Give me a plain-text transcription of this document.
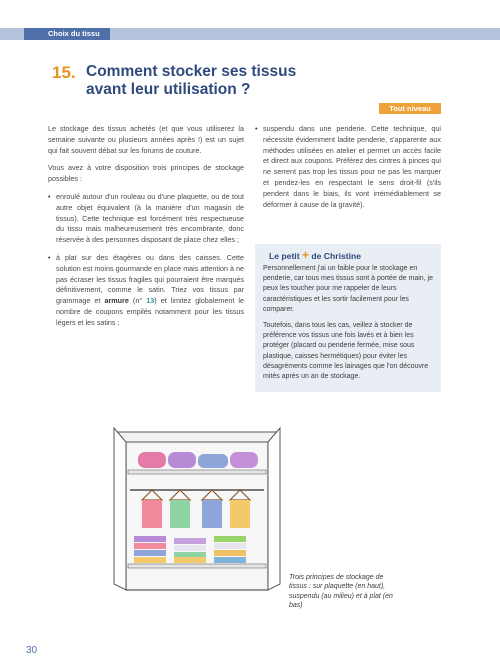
Choix du tissu
15. Comment stocker ses tissus
avant leur utilisation ?
Tout niveau

Le stockage des tissus achetés (et que vous utiliserez la semaine suivante ou plusieurs années après !) est un sujet qui fait souvent débat sur les forums de couture.

Vous avez à votre disposition trois principes de stockage possibles :

• enroulé autour d'un rouleau ou d'une plaquette, ou de tout autre objet équivalent (à la manière d'un magasin de tissus). Cette technique est forcément très respectueuse du tissu mais malheureusement très encombrante, donc réservée à des personnes disposant de place chez elles ;

• à plat sur des étagères ou dans des caisses. Cette solution est moins gourmande en place mais attention à ne pas écraser les tissus fragiles qui pourraient être marqués définitivement, comme le satin. Triez vos tissus par grammage et armure (n° 13) et limitez globalement le nombre de coupons empilés notamment pour les tissus légers et les satins ;

• suspendu dans une penderie. Cette technique, qui nécessite évidemment ladite penderie, s'apparente aux méthodes utilisées en atelier et permet un accès facile et direct aux coupons. Préférez des cintres à pinces qui ne serrent pas trop les tissus pour ne pas les marquer et pendez-les en respectant le sens droit-fil (s'ils pendent dans le biais, ils vont irrémédiablement se déformer à cause de la gravité).

Le petit + de Christine

Personnellement j'ai un faible pour le stockage en penderie, car tous mes tissus sont à portée de main, je peux les toucher pour me rappeler de leurs caractéristiques et les sortir facilement pour les comparer.

Toutefois, dans tous les cas, veillez à stocker de préférence vos tissus une fois lavés et à bien les protéger (placard ou penderie fermée, mise sous plastique, caisses hermétiques) pour éviter les désagréments comme les lainages que l'on découvre mités après un an de stockage.

Trois principes de stockage de tissus : sur plaquette (en haut), suspendu (au milieu) et à plat (en bas)
30
